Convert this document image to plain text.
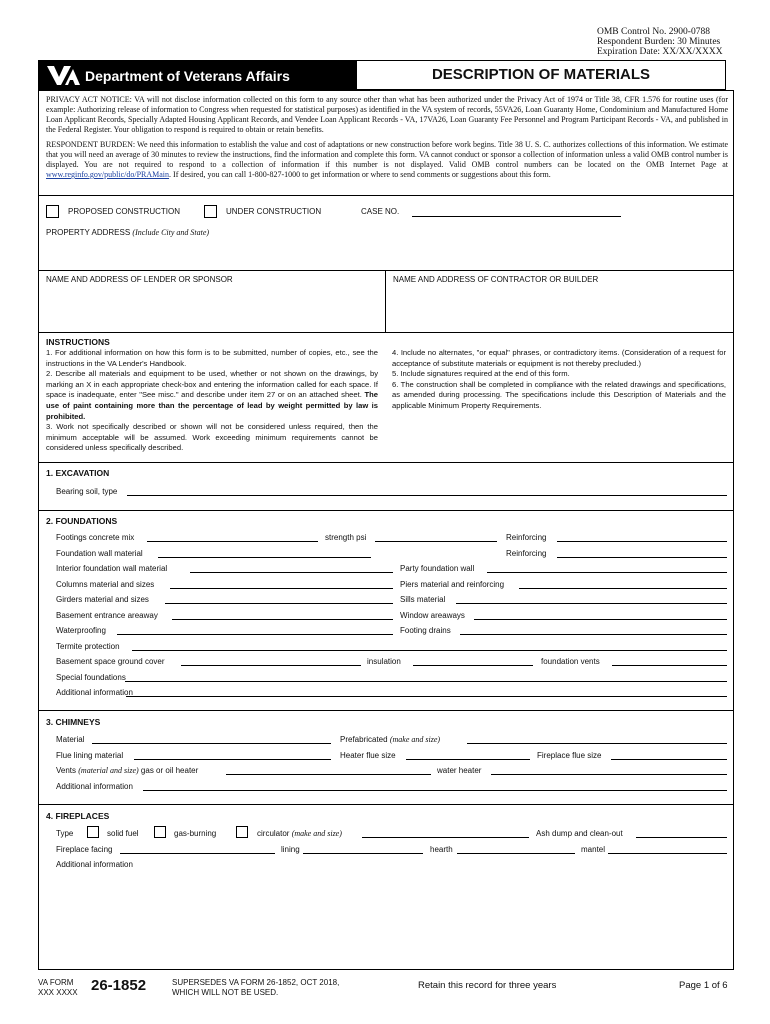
OMB Control No. 2900-0788
Respondent Burden: 30 Minutes
Expiration Date: XX/XX/XXXX
Department of Veterans Affairs	DESCRIPTION OF MATERIALS
PRIVACY ACT NOTICE: VA will not disclose information collected on this form to any source other than what has been authorized under the Privacy Act of 1974 or Title 38, CFR 1.576 for routine uses (for example: Authorizing release of information to Congress when requested for statistical purposes) as identified in the VA system of records, 55VA26, Loan Guaranty Home, Condominium and Manufactured Home Loan Applicant Records, Specially Adapted Housing Applicant Records, and Vendee Loan Applicant Records - VA, 17VA26, Loan Guaranty Fee Personnel and Program Participant Records - VA, and published in the Federal Register. Your obligation to respond is required to obtain or retain benefits.
RESPONDENT BURDEN: We need this information to establish the value and cost of adaptations or new construction before work begins. Title 38 U. S. C. authorizes collections of this information. We estimate that you will need an average of 30 minutes to review the instructions, find the information and complete this form. VA cannot conduct or sponsor a collection of information unless a valid OMB control number is displayed. You are not required to respond to a collection of information if this number is not displayed. Valid OMB control numbers can be located on the OMB Internet Page at www.reginfo.gov/public/do/PRAMain. If desired, you can call 1-800-827-1000 to get information or where to send comments or suggestions about this form.
PROPOSED CONSTRUCTION	UNDER CONSTRUCTION	CASE NO.
PROPERTY ADDRESS (Include City and State)
NAME AND ADDRESS OF LENDER OR SPONSOR	NAME AND ADDRESS OF CONTRACTOR OR BUILDER
INSTRUCTIONS
1. For additional information on how this form is to be submitted, number of copies, etc., see the instructions in the VA Lender's Handbook.
2. Describe all materials and equipment to be used, whether or not shown on the drawings, by marking an X in each appropriate check-box and entering the information called for each space. If space is inadequate, enter "See misc." and describe under item 27 or on an attached sheet. The use of paint containing more than the percentage of lead by weight permitted by law is prohibited.
3. Work not specifically described or shown will not be considered unless required, then the minimum acceptable will be assumed. Work exceeding minimum requirements cannot be considered unless specifically described.
4. Include no alternates, "or equal" phrases, or contradictory items. (Consideration of a request for acceptance of substitute materials or equipment is not thereby precluded.)
5. Include signatures required at the end of this form.
6. The construction shall be completed in compliance with the related drawings and specifications, as amended during processing. The specifications include this Description of Materials and the applicable Minimum Property Requirements.
1. EXCAVATION
Bearing soil, type
2. FOUNDATIONS
Footings concrete mix	strength psi	Reinforcing
Foundation wall material	Reinforcing
Interior foundation wall material	Party foundation wall
Columns material and sizes	Piers material and reinforcing
Girders material and sizes	Sills material
Basement entrance areaway	Window areaways
Waterproofing	Footing drains
Termite protection
Basement space ground cover	insulation	foundation vents
Special foundations
Additional information
3. CHIMNEYS
Material	Prefabricated (make and size)
Flue lining material	Heater flue size	Fireplace flue size
Vents (material and size) gas or oil heater	water heater
Additional information
4. FIREPLACES
Type	solid fuel	gas-burning	circulator (make and size)	Ash dump and clean-out
Fireplace facing	lining	hearth	mantel
Additional information
VA FORM
XXX XXXX 26-1852	SUPERSEDES VA FORM 26-1852, OCT 2018,
WHICH WILL NOT BE USED.
Retain this record for three years	Page 1 of 6
